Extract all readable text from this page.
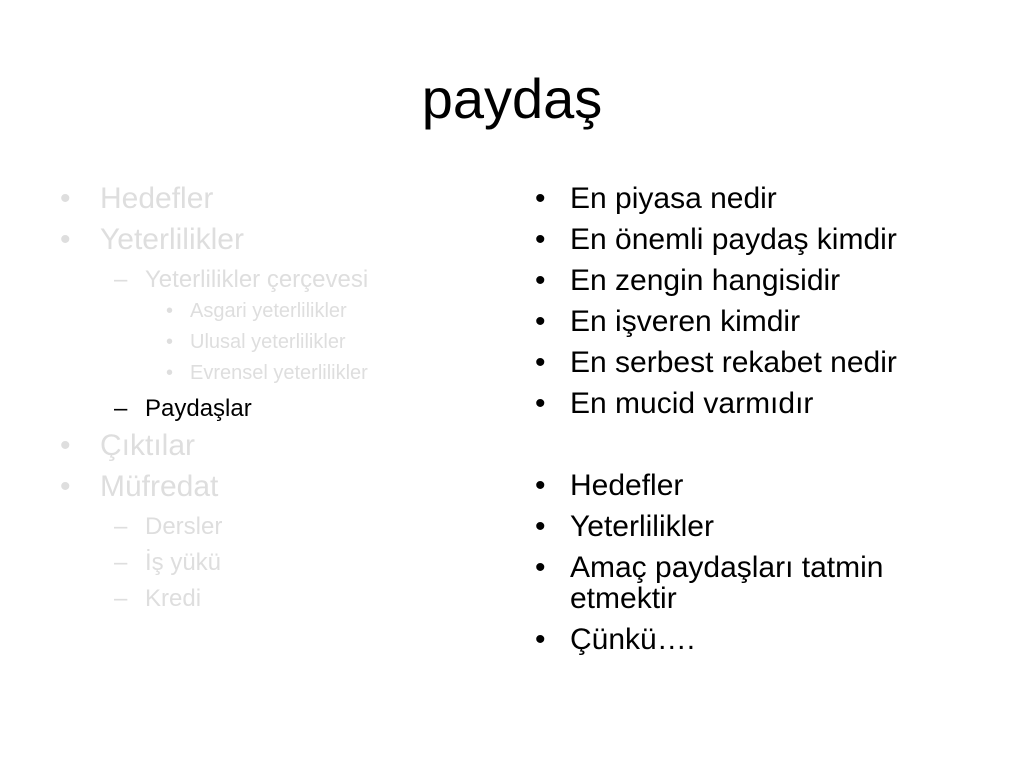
paydaş
• Hedefler
• Yeterlilikler
– Yeterlilikler çerçevesi
• Asgari yeterlilikler
• Ulusal yeterlilikler
• Evrensel yeterlilikler
– Paydaşlar
• Çıktılar
• Müfredat
– Dersler
– İş yükü
– Kredi
• En piyasa nedir
• En önemli paydaş kimdir
• En zengin hangisidir
• En işveren kimdir
• En serbest rekabet nedir
• En mucid varmıdır
• Hedefler
• Yeterlilikler
• Amaç paydaşları tatmin etmektir
• Çünkü….
